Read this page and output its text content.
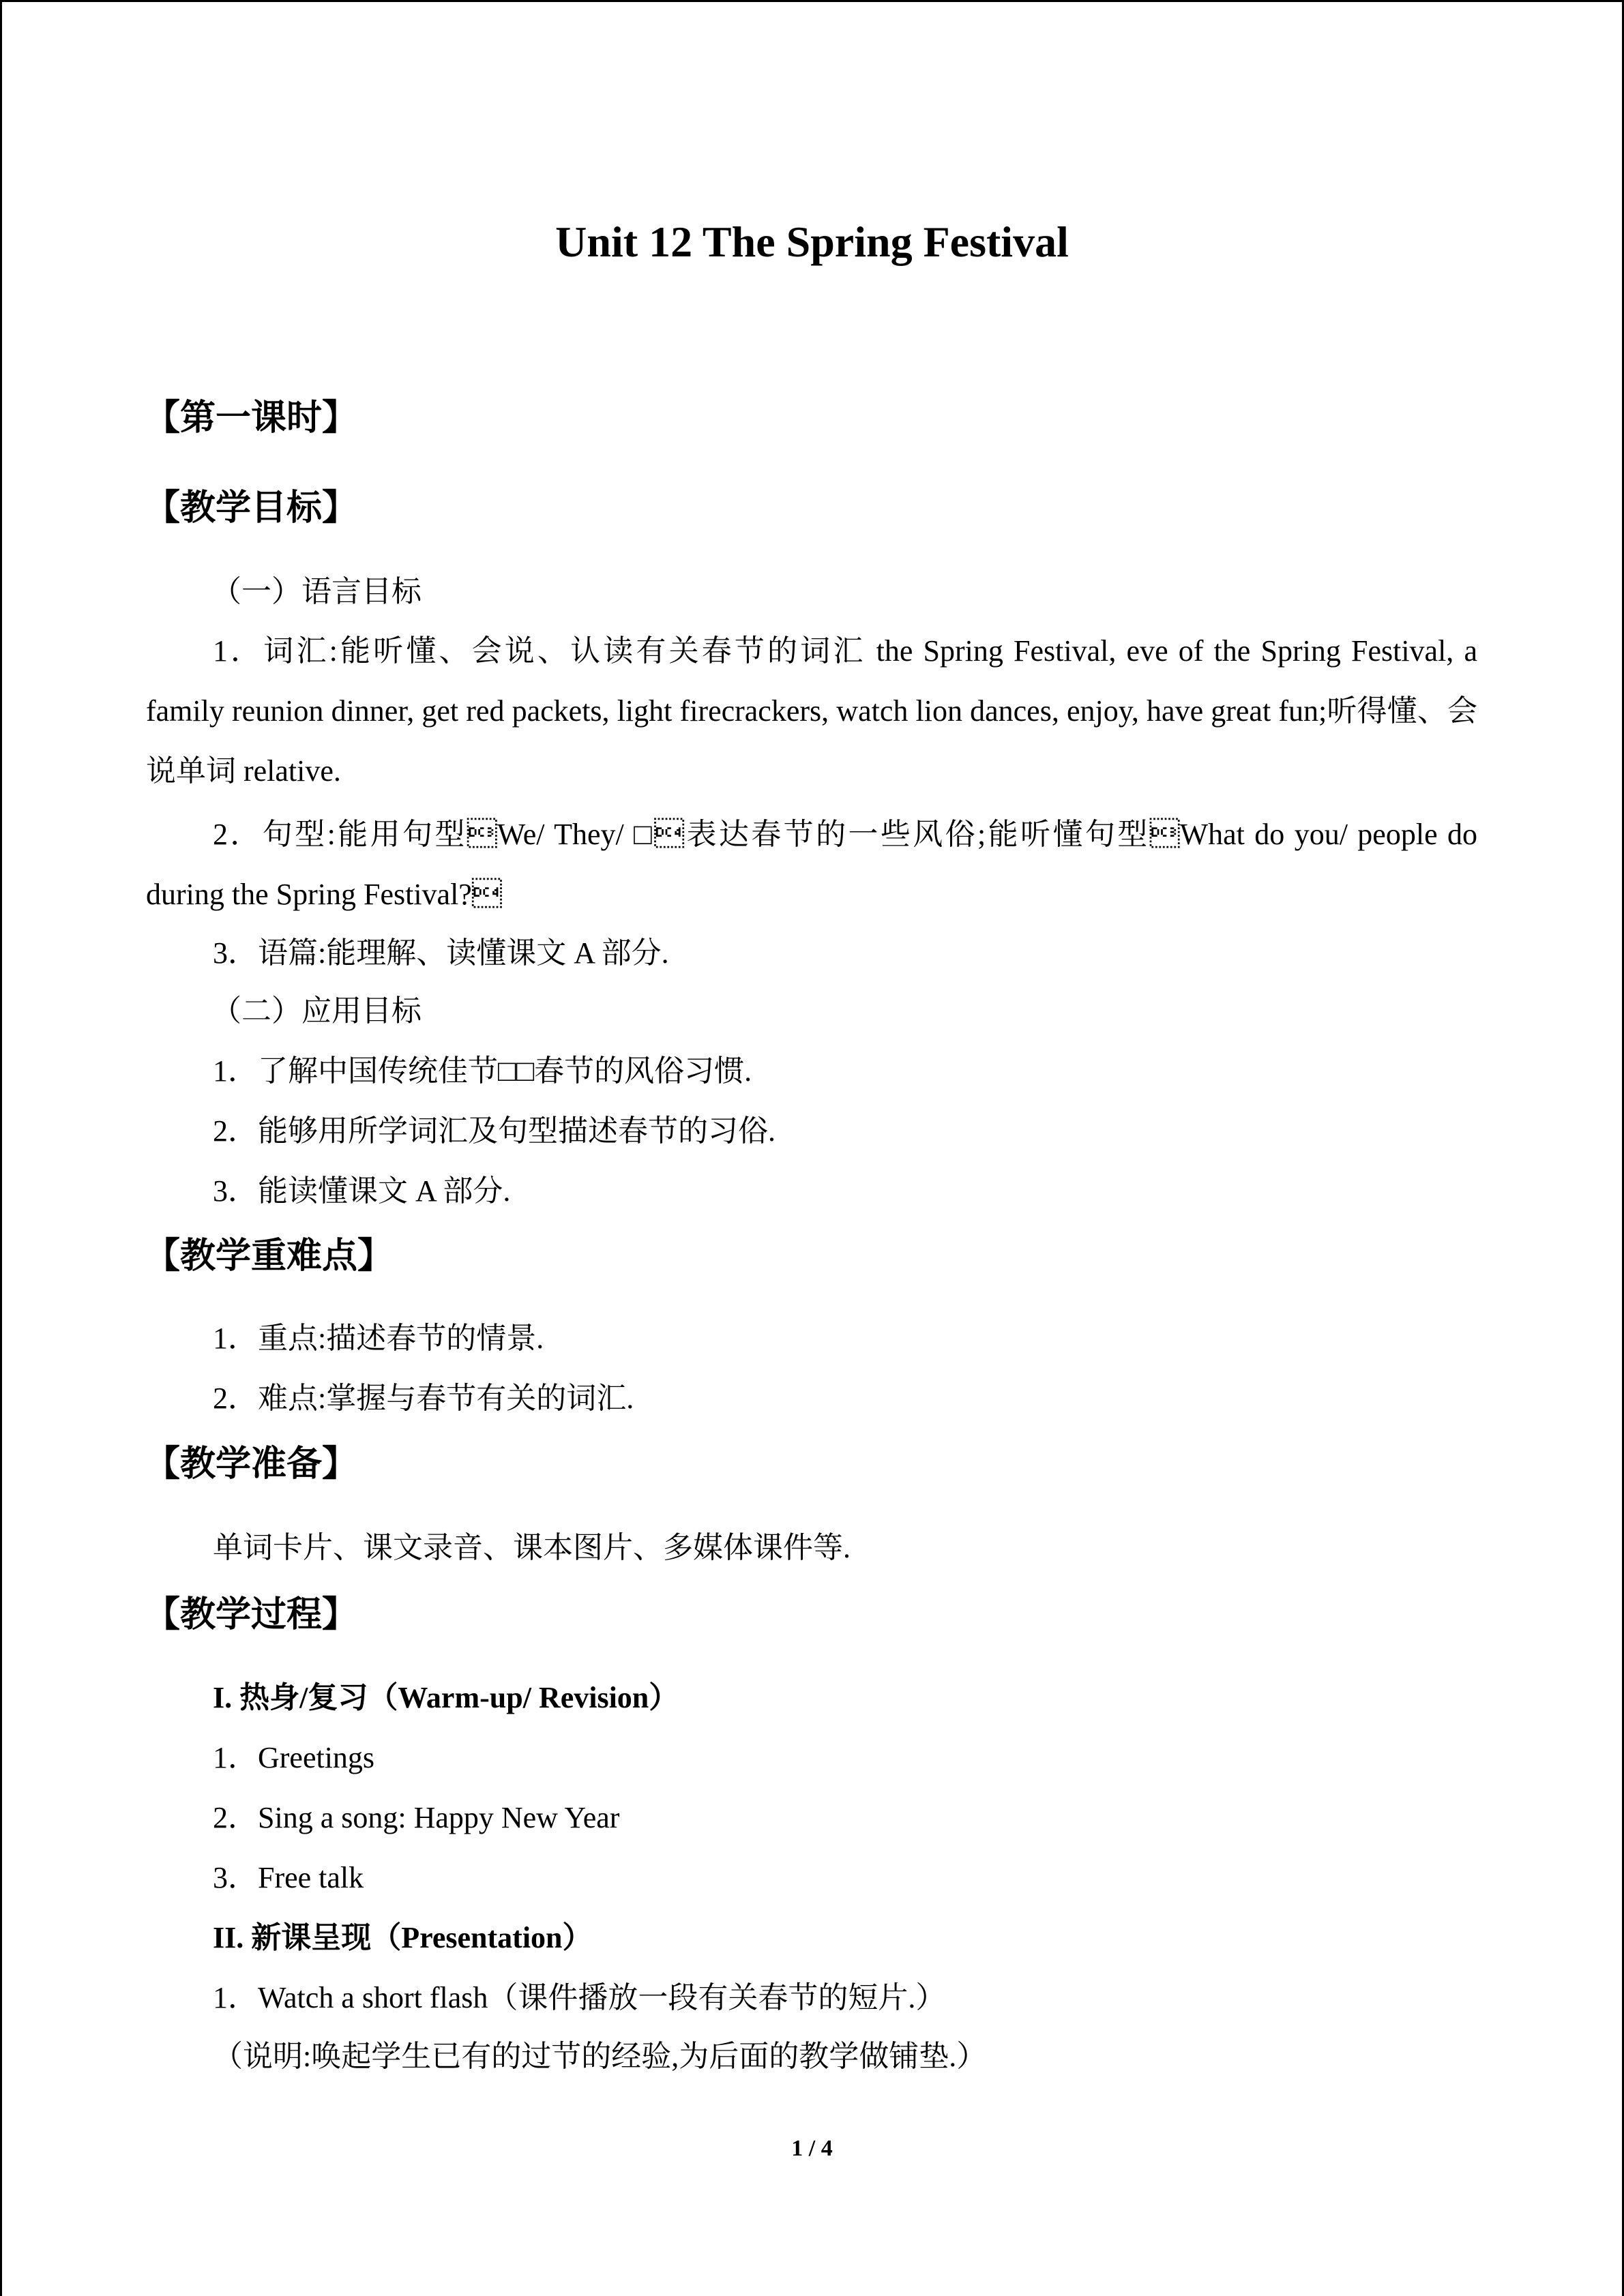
Unit 12 The Spring Festival
【第一课时】
【教学目标】
（一）语言目标
1．词汇:能听懂、会说、认读有关春节的词汇 the Spring Festival, eve of the Spring Festival, a family reunion dinner, get red packets, light firecrackers, watch lion dances, enjoy, have great fun;听得懂、会说单词 relative.
2．句型:能用句型We/ They/ □表达春节的一些风俗;能听懂句型What do you/ people do during the Spring Festival?
3．语篇:能理解、读懂课文 A 部分.
（二）应用目标
1．了解中国传统佳节□□春节的风俗习惯.
2．能够用所学词汇及句型描述春节的习俗.
3．能读懂课文 A 部分.
【教学重难点】
1．重点:描述春节的情景.
2．难点:掌握与春节有关的词汇.
【教学准备】
单词卡片、课文录音、课本图片、多媒体课件等.
【教学过程】
I. 热身/复习（Warm-up/ Revision）
1．Greetings
2．Sing a song: Happy New Year
3．Free talk
II. 新课呈现（Presentation）
1．Watch a short flash（课件播放一段有关春节的短片.）
（说明:唤起学生已有的过节的经验,为后面的教学做铺垫.）
1 / 4
